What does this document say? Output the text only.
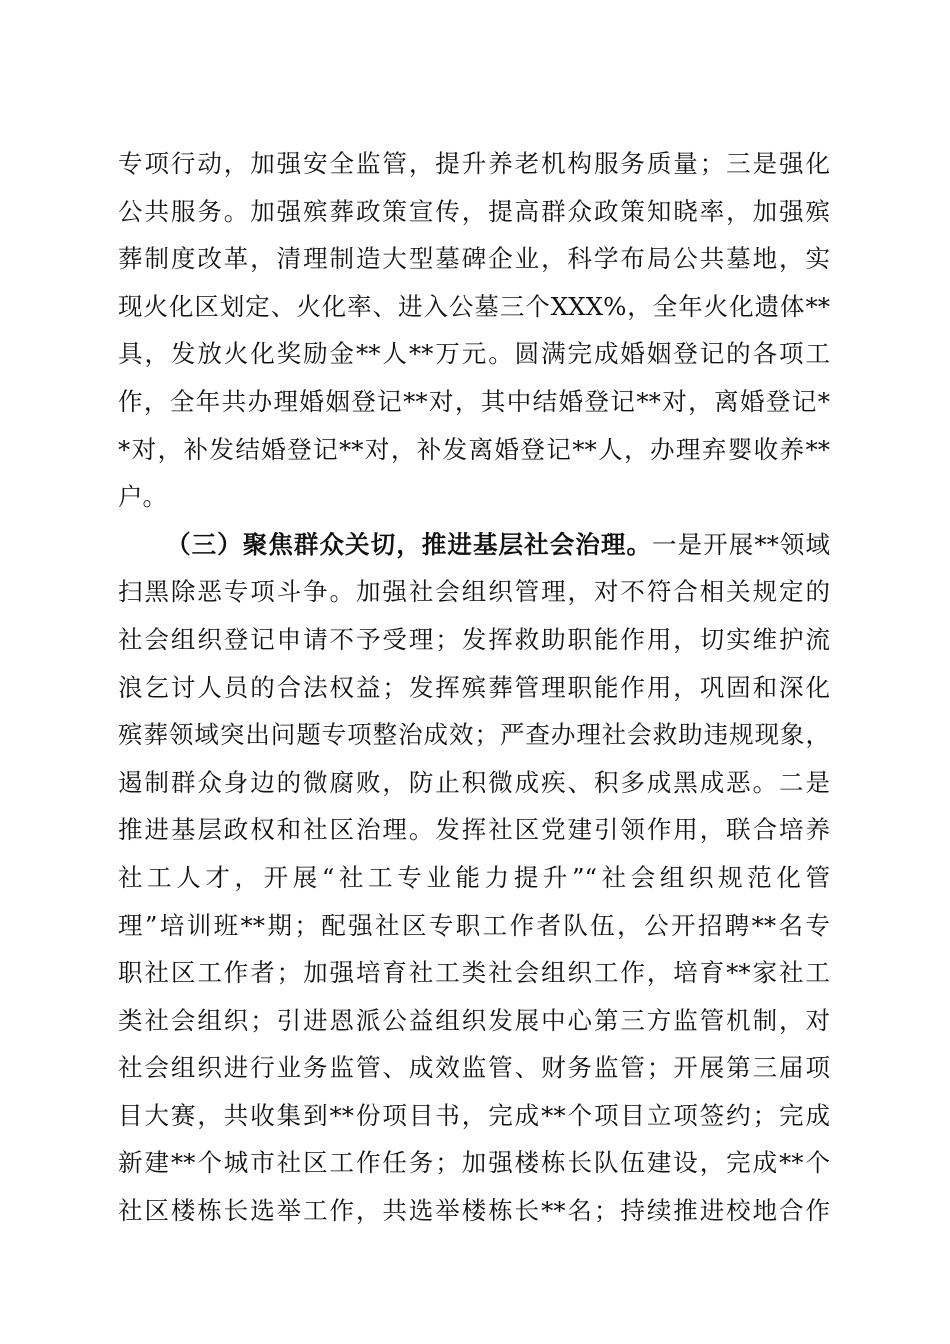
专项行动，加强安全监管，提升养老机构服务质量；三是强化
公共服务。加强殡葬政策宣传，提高群众政策知晓率，加强殡
葬制度改革，清理制造大型墓碑企业，科学布局公共墓地，实
现火化区划定、火化率、进入公墓三个XXX%，全年火化遗体**
具，发放火化奖励金**人**万元。圆满完成婚姻登记的各项工
作，全年共办理婚姻登记**对，其中结婚登记**对，离婚登记*
*对，补发结婚登记**对，补发离婚登记**人，办理弃婴收养**
户。
（三）聚焦群众关切，推进基层社会治理。一是开展**领域
扫黑除恶专项斗争。加强社会组织管理，对不符合相关规定的
社会组织登记申请不予受理；发挥救助职能作用，切实维护流
浪乞讨人员的合法权益；发挥殡葬管理职能作用，巩固和深化
殡葬领域突出问题专项整治成效；严查办理社会救助违规现象，
遏制群众身边的微腐败，防止积微成疾、积多成黑成恶。二是
推进基层政权和社区治理。发挥社区党建引领作用，联合培养
社工人才，开展“社工专业能力提升”“社会组织规范化管
理”培训班**期；配强社区专职工作者队伍，公开招聘**名专
职社区工作者；加强培育社工类社会组织工作，培育**家社工
类社会组织；引进恩派公益组织发展中心第三方监管机制，对
社会组织进行业务监管、成效监管、财务监管；开展第三届项
目大赛，共收集到**份项目书，完成**个项目立项签约；完成
新建**个城市社区工作任务；加强楼栋长队伍建设，完成**个
社区楼栋长选举工作，共选举楼栋长**名；持续推进校地合作
